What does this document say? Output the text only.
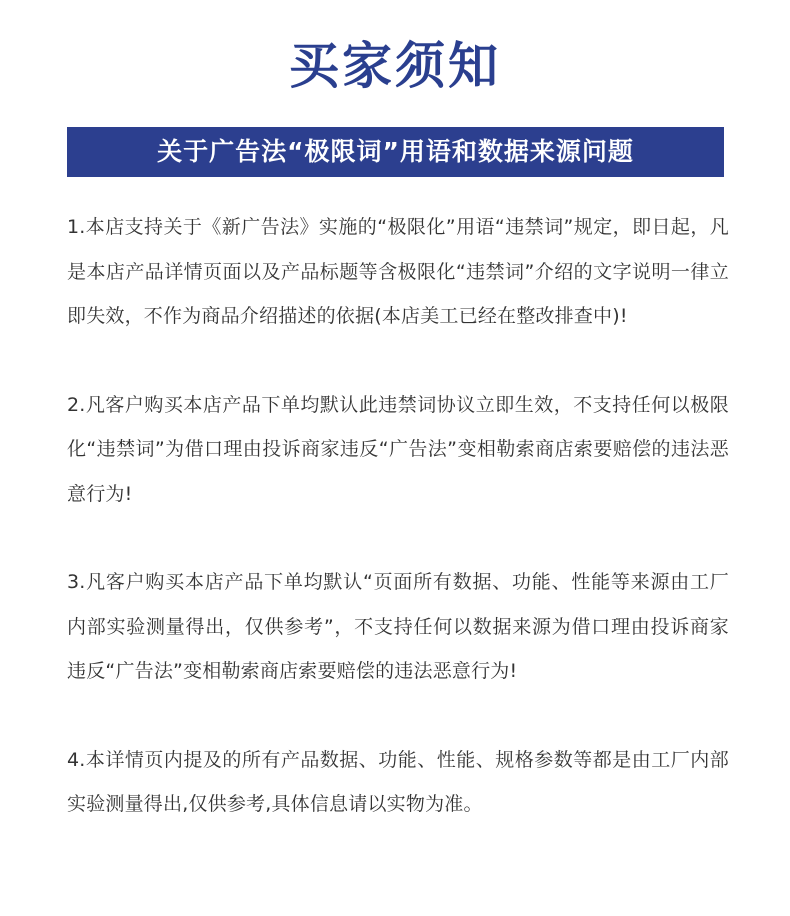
买家须知
关于广告法“极限词”用语和数据来源问题

1.本店支持关于《新广告法》实施的“极限化”用语“违禁词”规定，即日起，凡是本店产品详情页面以及产品标题等含极限化“违禁词”介绍的文字说明一律立即失效，不作为商品介绍描述的依据(本店美工已经在整改排查中)!

2.凡客户购买本店产品下单均默认此违禁词协议立即生效，不支持任何以极限化“违禁词”为借口理由投诉商家违反“广告法”变相勒索商店索要赔偿的违法恶意行为!

3.凡客户购买本店产品下单均默认“页面所有数据、功能、性能等来源由工厂内部实验测量得出，仅供参考”，不支持任何以数据来源为借口理由投诉商家违反“广告法”变相勒索商店索要赔偿的违法恶意行为!

4.本详情页内提及的所有产品数据、功能、性能、规格参数等都是由工厂内部实验测量得出,仅供参考,具体信息请以实物为准。
